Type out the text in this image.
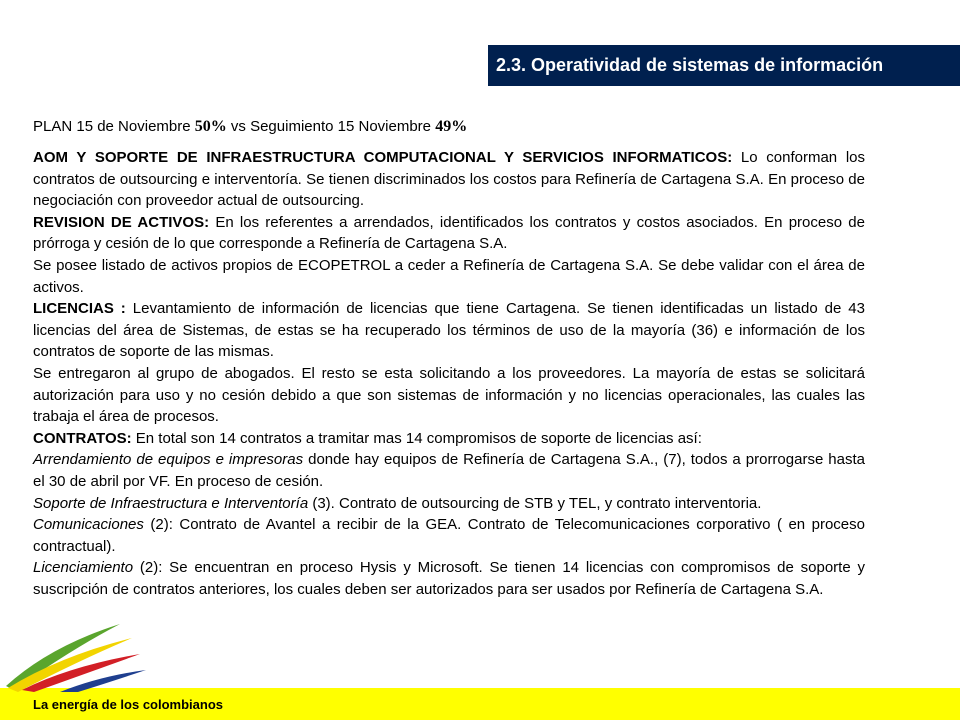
2.3. Operatividad de sistemas de información
PLAN 15 de Noviembre 50% vs Seguimiento 15 Noviembre 49%

AOM Y SOPORTE DE INFRAESTRUCTURA COMPUTACIONAL Y SERVICIOS INFORMATICOS: Lo conforman los contratos de outsourcing e interventoría. Se tienen discriminados los costos para Refinería de Cartagena S.A. En proceso de negociación con proveedor actual de outsourcing.

REVISION DE ACTIVOS: En los referentes a arrendados, identificados los contratos y costos asociados. En proceso de prórroga y cesión de lo que corresponde a Refinería de Cartagena S.A.

Se posee listado de activos propios de ECOPETROL a ceder a Refinería de Cartagena S.A. Se debe validar con el área de activos.

LICENCIAS : Levantamiento de información de licencias que tiene Cartagena. Se tienen identificadas un listado de 43 licencias del área de Sistemas, de estas se ha recuperado los términos de uso de la mayoría (36) e información de los contratos de soporte de las mismas.

Se entregaron al grupo de abogados. El resto se esta solicitando a los proveedores. La mayoría de estas se solicitará autorización para uso y no cesión debido a que son sistemas de información y no licencias operacionales, las cuales las trabaja el área de procesos.

CONTRATOS: En total son 14 contratos a tramitar mas 14 compromisos de soporte de licencias así:

Arrendamiento de equipos e impresoras donde hay equipos de Refinería de Cartagena S.A., (7), todos a prorrogarse hasta el 30 de abril por VF. En proceso de cesión.

Soporte de Infraestructura e Interventoría (3). Contrato de outsourcing de STB y TEL, y contrato interventoria.

Comunicaciones (2): Contrato de Avantel a recibir de la GEA. Contrato de Telecomunicaciones corporativo ( en proceso contractual).

Licenciamiento (2): Se encuentran en proceso Hysis y Microsoft. Se tienen 14 licencias con compromisos de soporte y suscripción de contratos anteriores, los cuales deben ser autorizados para ser usados por Refinería de Cartagena S.A.

La energía de los colombianos
